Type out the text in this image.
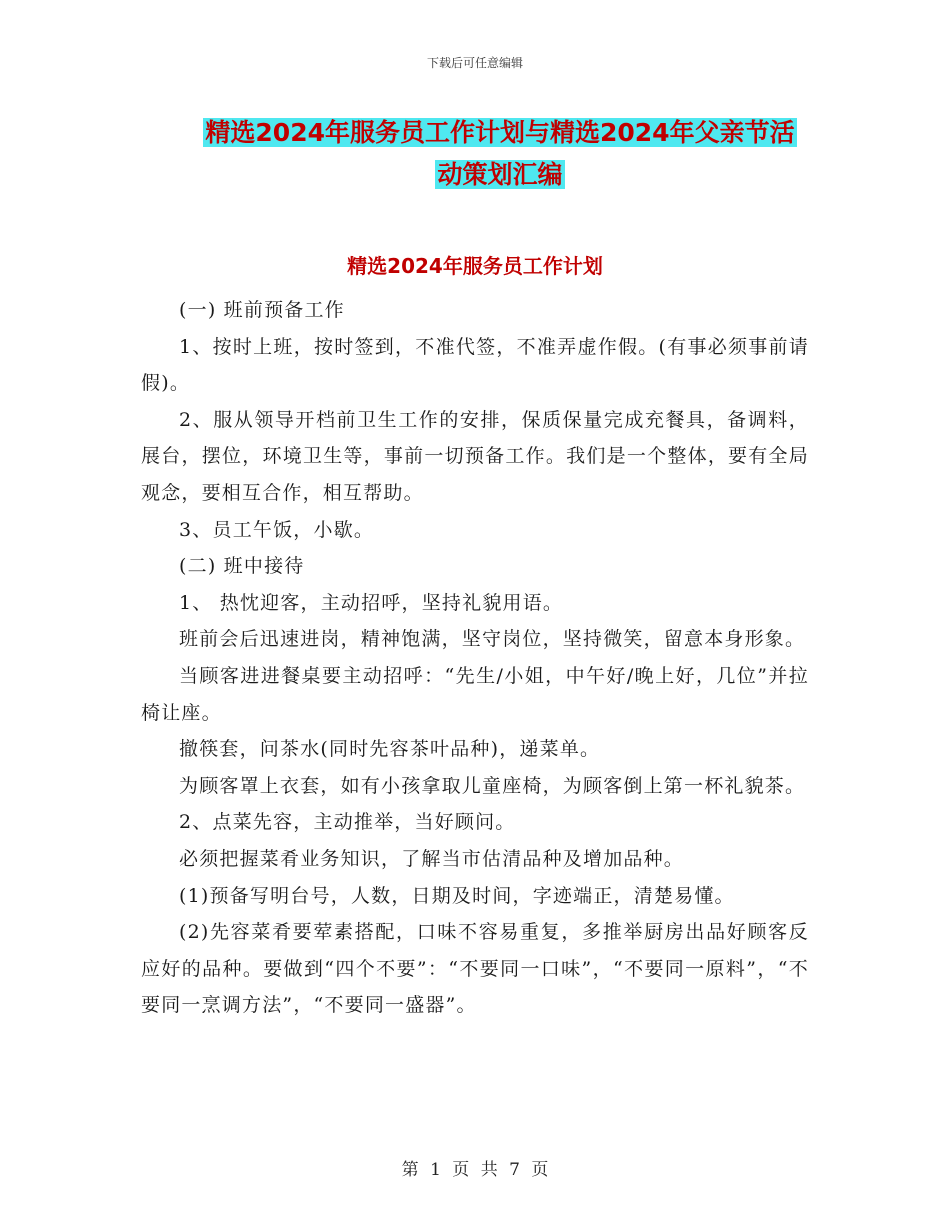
下载后可任意编辑
精选2024年服务员工作计划与精选2024年父亲节活
动策划汇编
精选2024年服务员工作计划

(一) 班前预备工作

1、按时上班，按时签到，不准代签，不准弄虚作假。(有事必须事前请假)。

2、服从领导开档前卫生工作的安排，保质保量完成充餐具，备调料，展台，摆位，环境卫生等，事前一切预备工作。我们是一个整体，要有全局观念，要相互合作，相互帮助。

3、员工午饭，小歇。

(二) 班中接待

1、 热忱迎客，主动招呼，坚持礼貌用语。

班前会后迅速进岗，精神饱满，坚守岗位，坚持微笑，留意本身形象。

当顾客进进餐桌要主动招呼：“先生/小姐，中午好/晚上好，几位”并拉椅让座。

撤筷套，问茶水(同时先容茶叶品种)，递菜单。

为顾客罩上衣套，如有小孩拿取儿童座椅，为顾客倒上第一杯礼貌茶。

2、点菜先容，主动推举，当好顾问。

必须把握菜肴业务知识，了解当市估清品种及增加品种。

(1)预备写明台号，人数，日期及时间，字迹端正，清楚易懂。

(2)先容菜肴要荤素搭配，口味不容易重复，多推举厨房出品好顾客反应好的品种。要做到“四个不要”：“不要同一口味”，“不要同一原料”，“不要同一烹调方法”，“不要同一盛器”。

第 1 页 共 7 页
